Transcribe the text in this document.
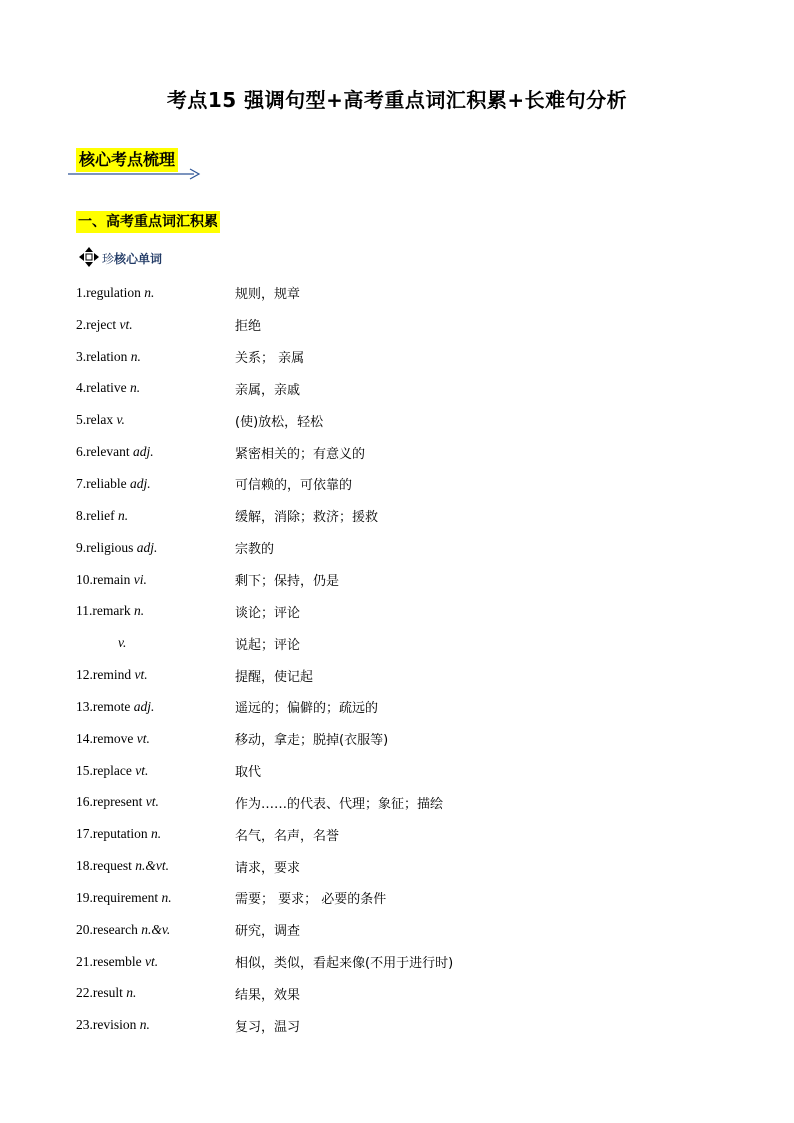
考点15 强调句型+高考重点词汇积累+长难句分析
核心考点梳理
一、高考重点词汇积累
珍核心单词
1.regulation n.	规则，规章
2.reject vt.	拒绝
3.relation n.	关系； 亲属
4.relative n.	亲属，亲戚
5.relax v.	(使)放松，轻松
6.relevant adj.	紧密相关的；有意义的
7.reliable adj.	可信赖的，可依靠的
8.relief n.	缓解，消除；救济；援救
9.religious adj.	宗教的
10.remain vi.	剩下；保持，仍是
11.remark n.	谈论；评论
v.	说起；评论
12.remind vt.	提醒，使记起
13.remote adj.	遥远的；偏僻的；疏远的
14.remove vt.	移动，拿走；脱掉(衣服等)
15.replace vt.	取代
16.represent vt.	作为……的代表、代理；象征；描绘
17.reputation n.	名气，名声，名誉
18.request n.&vt.	请求，要求
19.requirement n.	需要； 要求； 必要的条件
20.research n.&v.	研究，调查
21.resemble vt.	相似，类似，看起来像(不用于进行时)
22.result n.	结果，效果
23.revision n.	复习，温习
